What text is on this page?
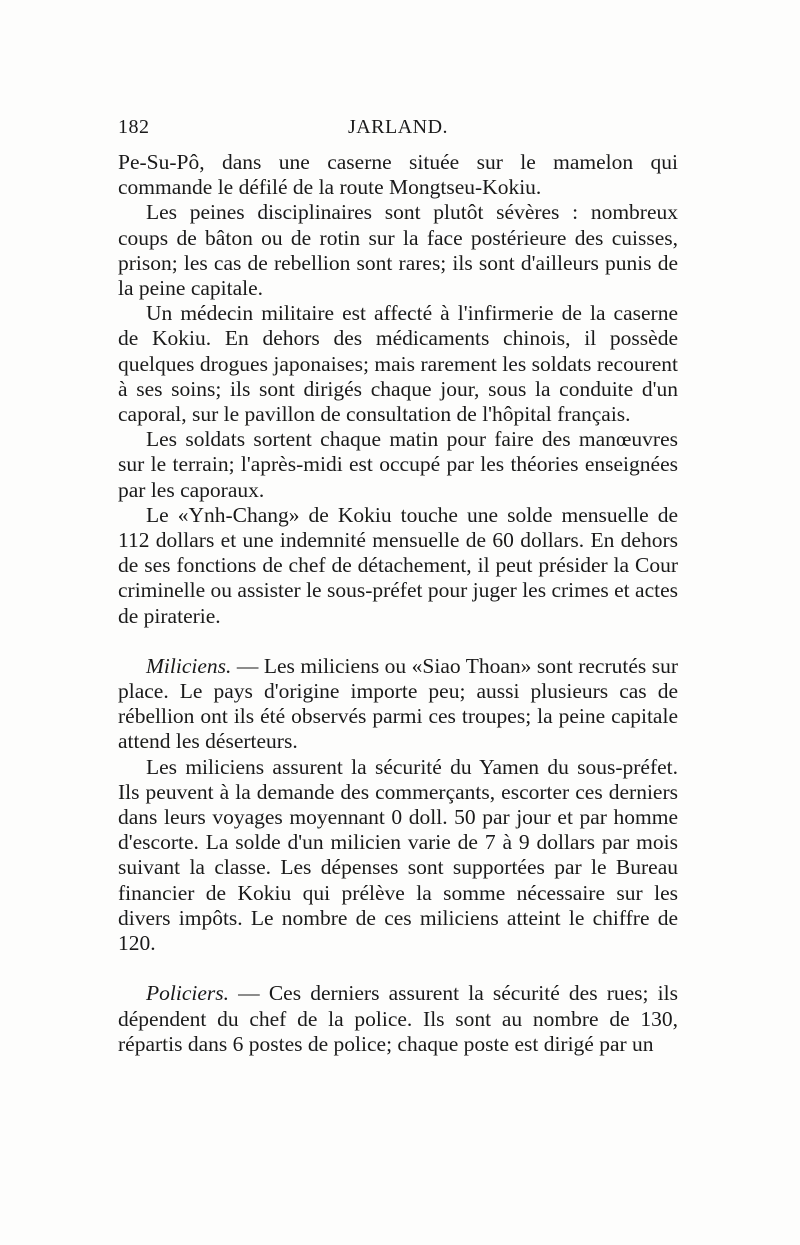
182	JARLAND.

Pe-Su-Pô, dans une caserne située sur le mamelon qui commande le défilé de la route Mongtseu-Kokiu.

Les peines disciplinaires sont plutôt sévères : nombreux coups de bâton ou de rotin sur la face postérieure des cuisses, prison; les cas de rebellion sont rares; ils sont d'ailleurs punis de la peine capitale.

Un médecin militaire est affecté à l'infirmerie de la caserne de Kokiu. En dehors des médicaments chinois, il possède quelques drogues japonaises; mais rarement les soldats recourent à ses soins; ils sont dirigés chaque jour, sous la conduite d'un caporal, sur le pavillon de consultation de l'hôpital français.

Les soldats sortent chaque matin pour faire des manœuvres sur le terrain; l'après-midi est occupé par les théories enseignées par les caporaux.

Le «Ynh-Chang» de Kokiu touche une solde mensuelle de 112 dollars et une indemnité mensuelle de 60 dollars. En dehors de ses fonctions de chef de détachement, il peut présider la Cour criminelle ou assister le sous-préfet pour juger les crimes et actes de piraterie.

Miliciens. — Les miliciens ou «Siao Thoan» sont recrutés sur place. Le pays d'origine importe peu; aussi plusieurs cas de rébellion ont ils été observés parmi ces troupes; la peine capitale attend les déserteurs.

Les miliciens assurent la sécurité du Yamen du sous-préfet. Ils peuvent à la demande des commerçants, escorter ces derniers dans leurs voyages moyennant 0 doll. 50 par jour et par homme d'escorte. La solde d'un milicien varie de 7 à 9 dollars par mois suivant la classe. Les dépenses sont supportées par le Bureau financier de Kokiu qui prélève la somme nécessaire sur les divers impôts. Le nombre de ces miliciens atteint le chiffre de 120.

Policiers. — Ces derniers assurent la sécurité des rues; ils dépendent du chef de la police. Ils sont au nombre de 130, répartis dans 6 postes de police; chaque poste est dirigé par un
